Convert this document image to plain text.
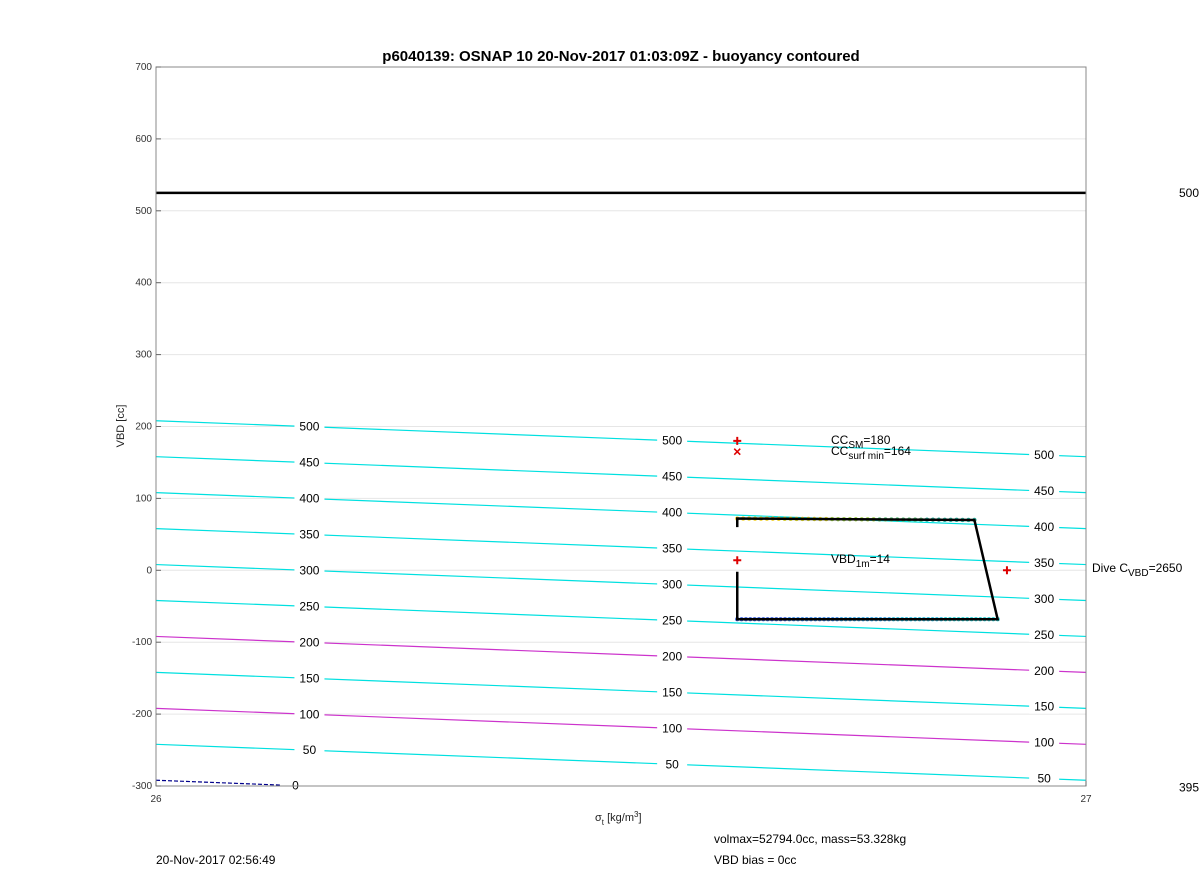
0
50
50
50
100
100
100
150
150
150
200
200
200
250
250
250
300
300
300
350
350
350
400
400
400
450
450
450
500
500
500
700
600
500
400
300
200
100
0
-100
-200
-300
26	27
500
395
p6040139: OSNAP 10 20-Nov-2017 01:03:09Z - buoyancy contoured
VBD [cc]
$\sigma_t$ $[kg/m^3]$
$CC_{SM}=180$
$CC_{surf min}=164$
$VBD_{1m}=14$
Dive $C_{VBD}=2650$
volmax=52794.0cc, mass=53.328kg
20-Nov-2017 02:56:49	VBD bias = 0cc
